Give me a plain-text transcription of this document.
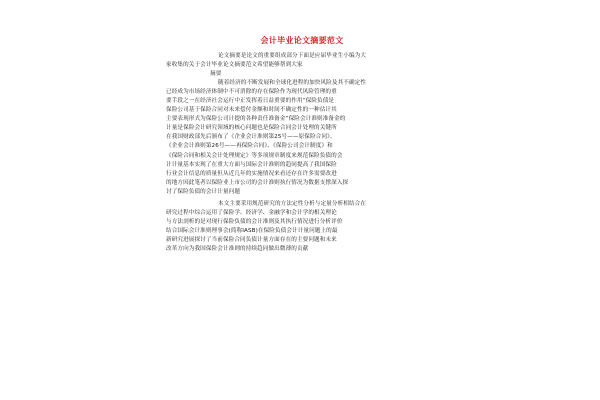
会计毕业论文摘要范文

论文摘要是论文的重要组成部分下面是应届毕业生小编为大
家收集的关于会计毕业论文摘要范文希望能够帮到大家

摘要

随着经济的不断发展和全球化进程的加快风险及其不确定性
已经成为市场经济体制中不可消除的存在保险作为现代风险管理的重
要手段之一在经济社会运行中正发挥着日益重要的作用“保险负债是
保险公司基于保险合同对未来偿付金额和时间不确定性的一种估计其
主要表现形式为保险公司计提的各种责任准备金”保险会计准则准备金的
计量是保险会计研究领域的核心问题也是保险合同会计处理的关键所
在我国财政部先后颁布了《企业会计准则第25号——原保险合同》、
《企业会计准则第26号——再保险合同》、《保险公司会计制度》和
《保险合同和相关会计处理规定》等多项规章制度来规范保险负债的会
计计量基本实现了在重大方面与国际会计准则的趋同提高了我国保险
行业会计信息的质量但从近几年的实施情况来看还存在许多需要改进
的地方因此笔者以保险业上市公司的会计准则执行情况为数据支撑深入探
讨了保险负债的会计计量问题

本文主要采用规范研究的方法定性分析与定量分析相结合在
研究过程中综合运用了保险学、经济学、金融学和会计学的相关理论
与方法剖析的是对现行保险负债的会计准则及其执行情况进行分析评价
结合国际会计准则理事会(简称IASB)在保险负债会计计量问题上的最
新研究进展探讨了当前保险合同负债计量方面存在的主要问题和未来
改革方向为我国保险会计准则的持续趋同做出微薄的贡献
